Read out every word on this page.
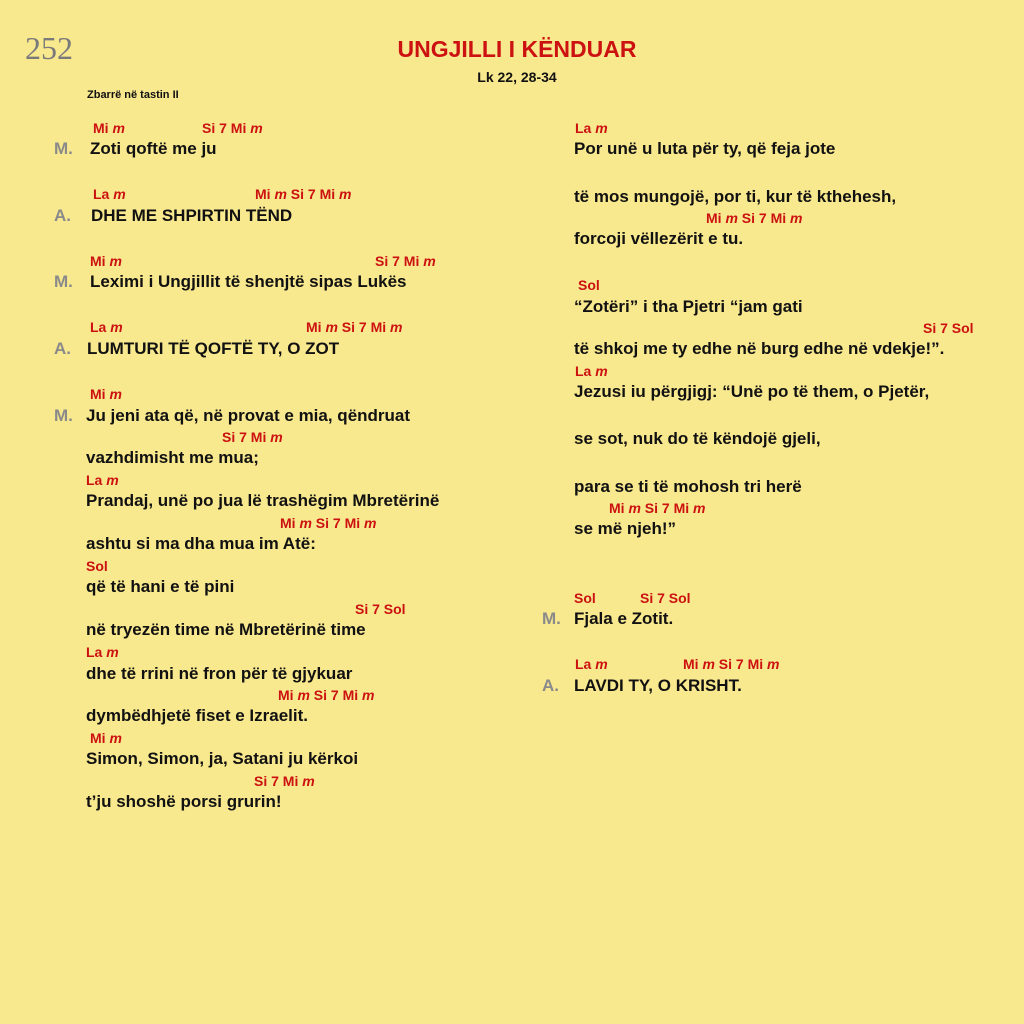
252	UNGJILLI I KËNDUAR
Lk 22, 28-34
Zbarrë në tastin II
Mi m	Si 7 Mi m
M. Zoti qoftë me ju
La m	Mi m Si 7 Mi m
A. DHE ME SHPIRTIN TËND
Mi m	Si 7 Mi m
M. Leximi i Ungjillit të shenjtë sipas Lukës
La m	Mi m Si 7 Mi m
A. LUMTURI TË QOFTË TY, O ZOT
Mi m
M. Ju jeni ata që, në provat e mia, qëndruat
Si 7 Mi m
vazhdimisht me mua;
La m
Prandaj, unë po jua lë trashëgim Mbretërinë
Mi m Si 7 Mi m
ashtu si ma dha mua im Atë:
Sol
që të hani e të pini
Si 7 Sol
në tryezën time në Mbretërinë time
La m
dhe të rrini në fron për të gjykuar
Mi m Si 7 Mi m
dymbëdhjetë fiset e Izraelit.
Mi m
Simon, Simon, ja, Satani ju kërkoi
Si 7 Mi m
t’ju shoshë porsi grurin!
La m
Por unë u luta për ty, që feja jote
të mos mungojë, por ti, kur të kthehesh,
Mi m Si 7 Mi m
forcoji vëllezërit e tu.
Sol
“Zotëri” i tha Pjetri “jam gati
Si 7 Sol
të shkoj me ty edhe në burg edhe në vdekje!”.
La m
Jezusi iu përgjigj: “Unë po të them, o Pjetër,
se sot, nuk do të këndojë gjeli,
para se ti të mohosh tri herë
Mi m Si 7 Mi m
se më njeh!”
Sol	Si 7 Sol
M. Fjala e Zotit.
La m	Mi m Si 7 Mi m
A. LAVDI TY, O KRISHT.
